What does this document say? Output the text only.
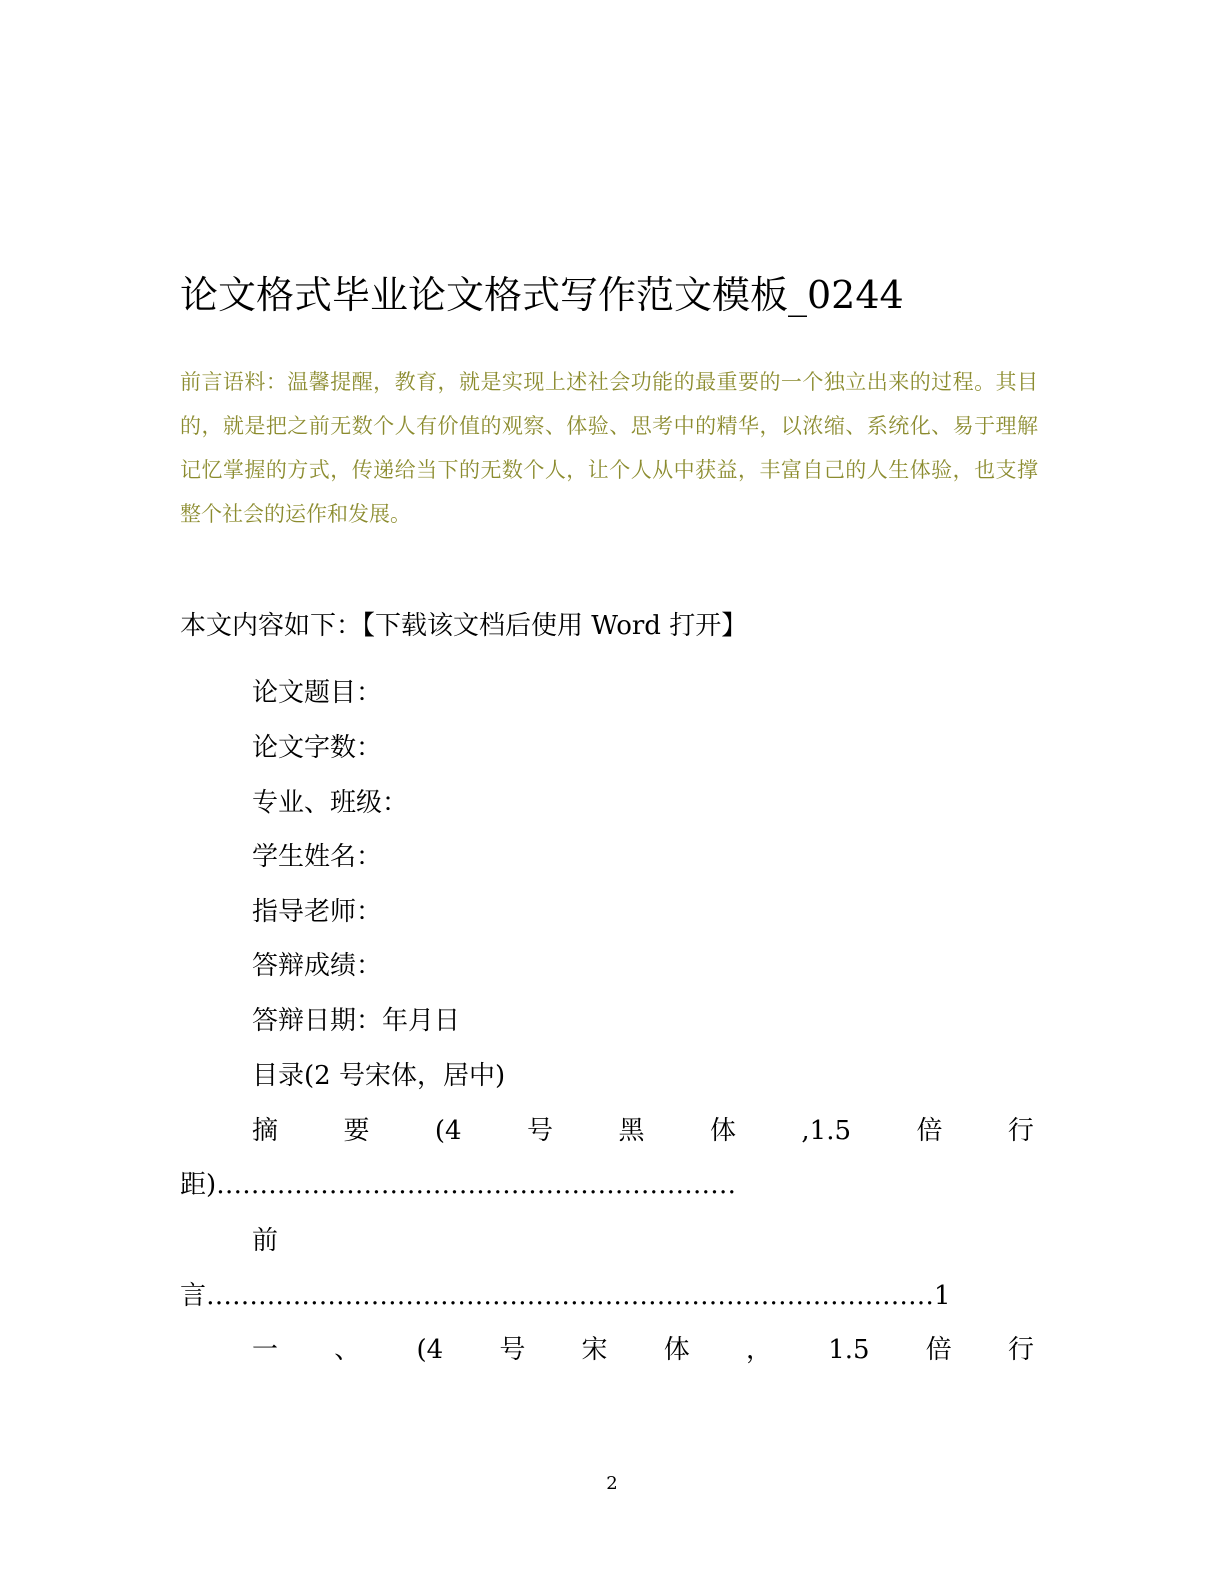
论文格式毕业论文格式写作范文模板_0244
前言语料：温馨提醒，教育，就是实现上述社会功能的最重要的一个独立出来的过程。其目的，就是把之前无数个人有价值的观察、体验、思考中的精华，以浓缩、系统化、易于理解记忆掌握的方式，传递给当下的无数个人，让个人从中获益，丰富自己的人生体验，也支撑整个社会的运作和发展。
本文内容如下：【下载该文档后使用 Word 打开】
论文题目：
论文字数：
专业、班级：
学生姓名：
指导老师：
答辩成绩：
答辩日期：年月日
目录(2 号宋体，居中)
摘	要	(4	号	黑	体	,1.5	倍	行
距)……………………………………………………
前
言…………………………………………………………………………1
一 、 (4 号 宋 体 ， 1.5 倍 行
2
